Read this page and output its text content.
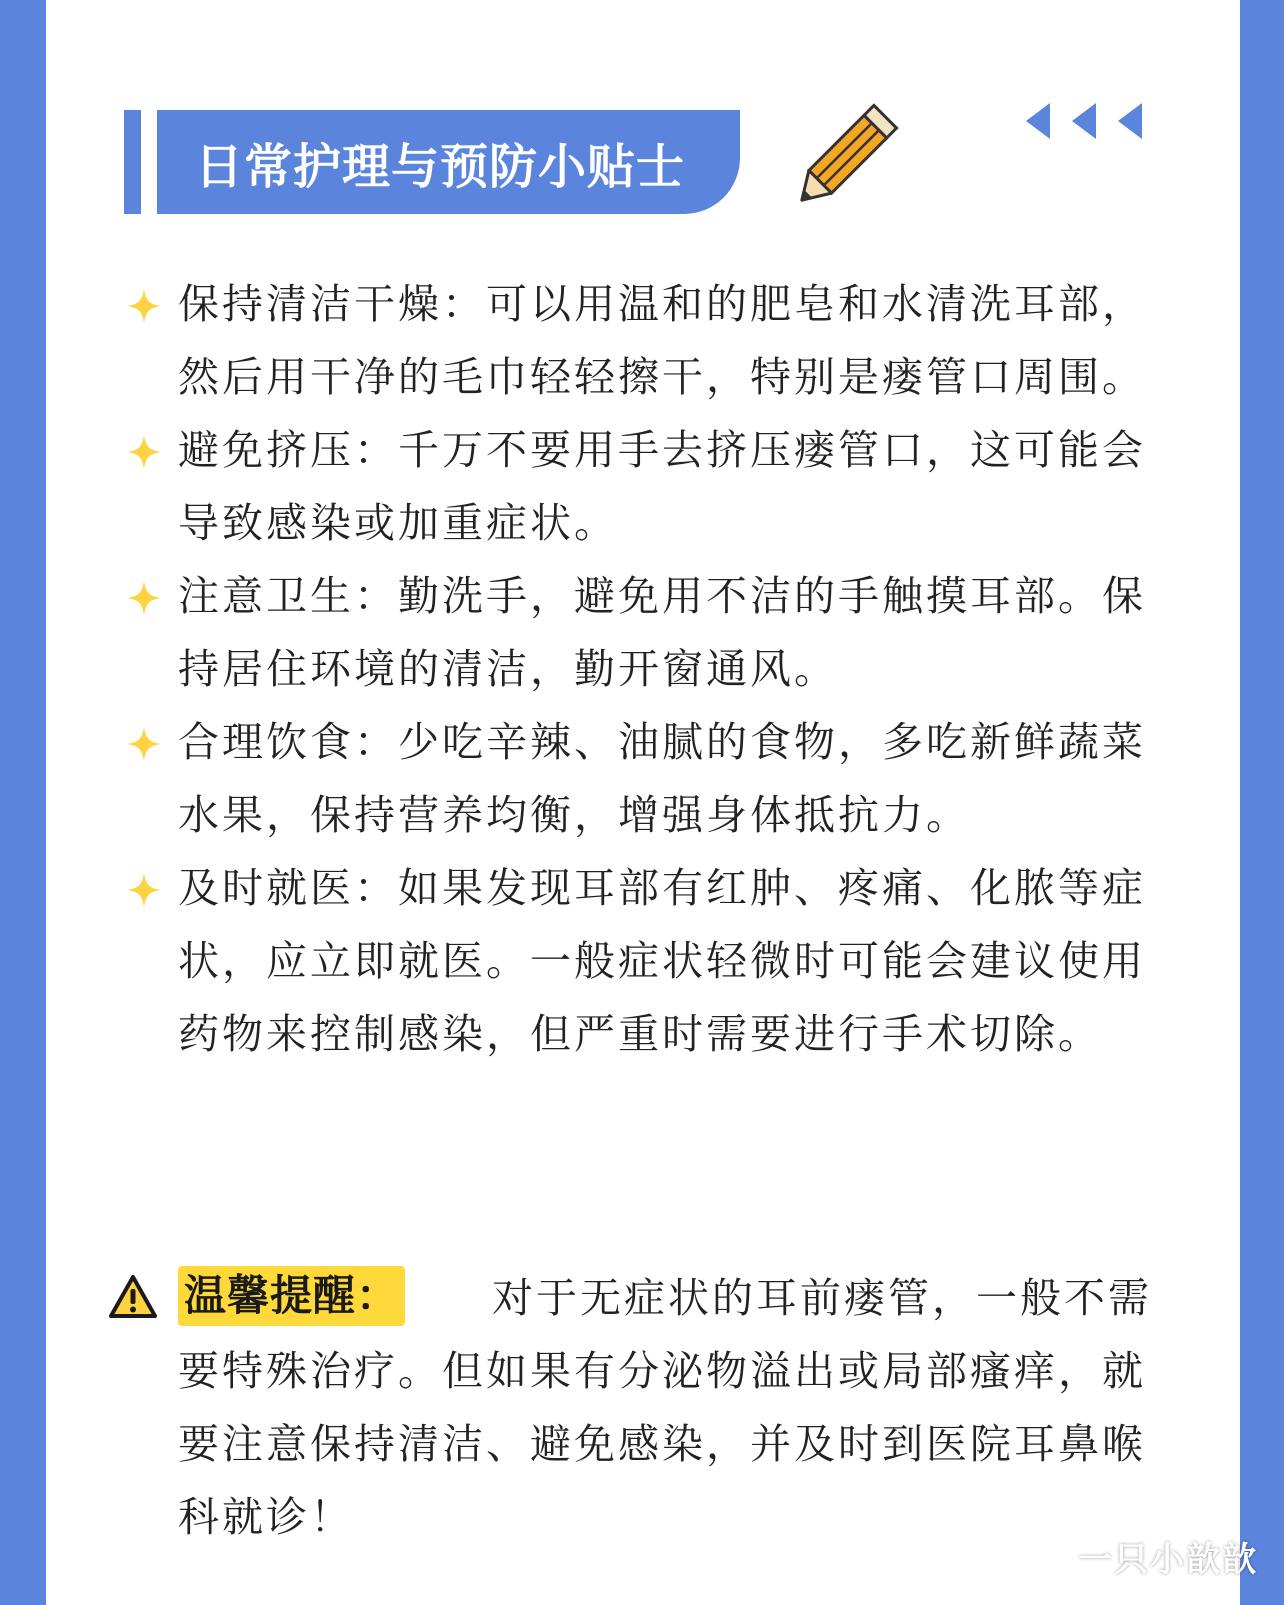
日常护理与预防小贴士
保持清洁干燥：可以用温和的肥皂和水清洗耳部，然后用干净的毛巾轻轻擦干，特别是瘘管口周围。
避免挤压：千万不要用手去挤压瘘管口，这可能会导致感染或加重症状。
注意卫生：勤洗手，避免用不洁的手触摸耳部。保持居住环境的清洁，勤开窗通风。
合理饮食：少吃辛辣、油腻的食物，多吃新鲜蔬菜水果，保持营养均衡，增强身体抵抗力。
及时就医：如果发现耳部有红肿、疼痛、化脓等症状，应立即就医。一般症状轻微时可能会建议使用药物来控制感染，但严重时需要进行手术切除。
温馨提醒：	对于无症状的耳前瘘管，一般不需要特殊治疗。但如果有分泌物溢出或局部瘙痒，就要注意保持清洁、避免感染，并及时到医院耳鼻喉科就诊！
一只小歆歆
